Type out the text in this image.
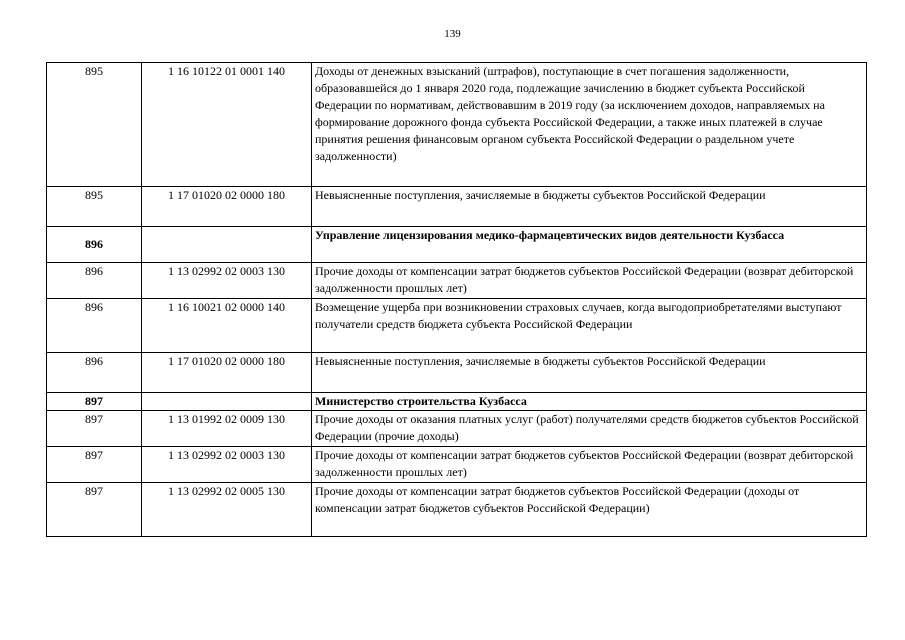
139
895	1 16 10122 01 0001 140	Доходы от денежных взысканий (штрафов), поступающие в счет погашения задолженности, образовавшейся до 1 января 2020 года, подлежащие зачислению в бюджет субъекта Российской Федерации по нормативам, действовавшим в 2019 году (за исключением доходов, направляемых на формирование дорожного фонда субъекта Российской Федерации, а также иных платежей в случае принятия решения финансовым органом субъекта Российской Федерации о раздельном учете задолженности)
895	1 17 01020 02 0000 180	Невыясненные поступления, зачисляемые в бюджеты субъектов Российской Федерации
896		Управление лицензирования медико-фармацевтических видов деятельности Кузбасса
896	1 13 02992 02 0003 130	Прочие доходы от компенсации затрат бюджетов субъектов Российской Федерации (возврат дебиторской задолженности прошлых лет)
896	1 16 10021 02 0000 140	Возмещение ущерба при возникновении страховых случаев, когда выгодоприобретателями выступают получатели средств бюджета субъекта Российской Федерации
896	1 17 01020 02 0000 180	Невыясненные поступления, зачисляемые в бюджеты субъектов Российской Федерации
897		Министерство строительства Кузбасса
897	1 13 01992 02 0009 130	Прочие доходы от оказания платных услуг (работ) получателями средств бюджетов субъектов Российской Федерации (прочие доходы)
897	1 13 02992 02 0003 130	Прочие доходы от компенсации затрат бюджетов субъектов Российской Федерации (возврат дебиторской задолженности прошлых лет)
897	1 13 02992 02 0005 130	Прочие доходы от компенсации затрат бюджетов субъектов Российской Федерации (доходы от компенсации затрат бюджетов субъектов Российской Федерации)
